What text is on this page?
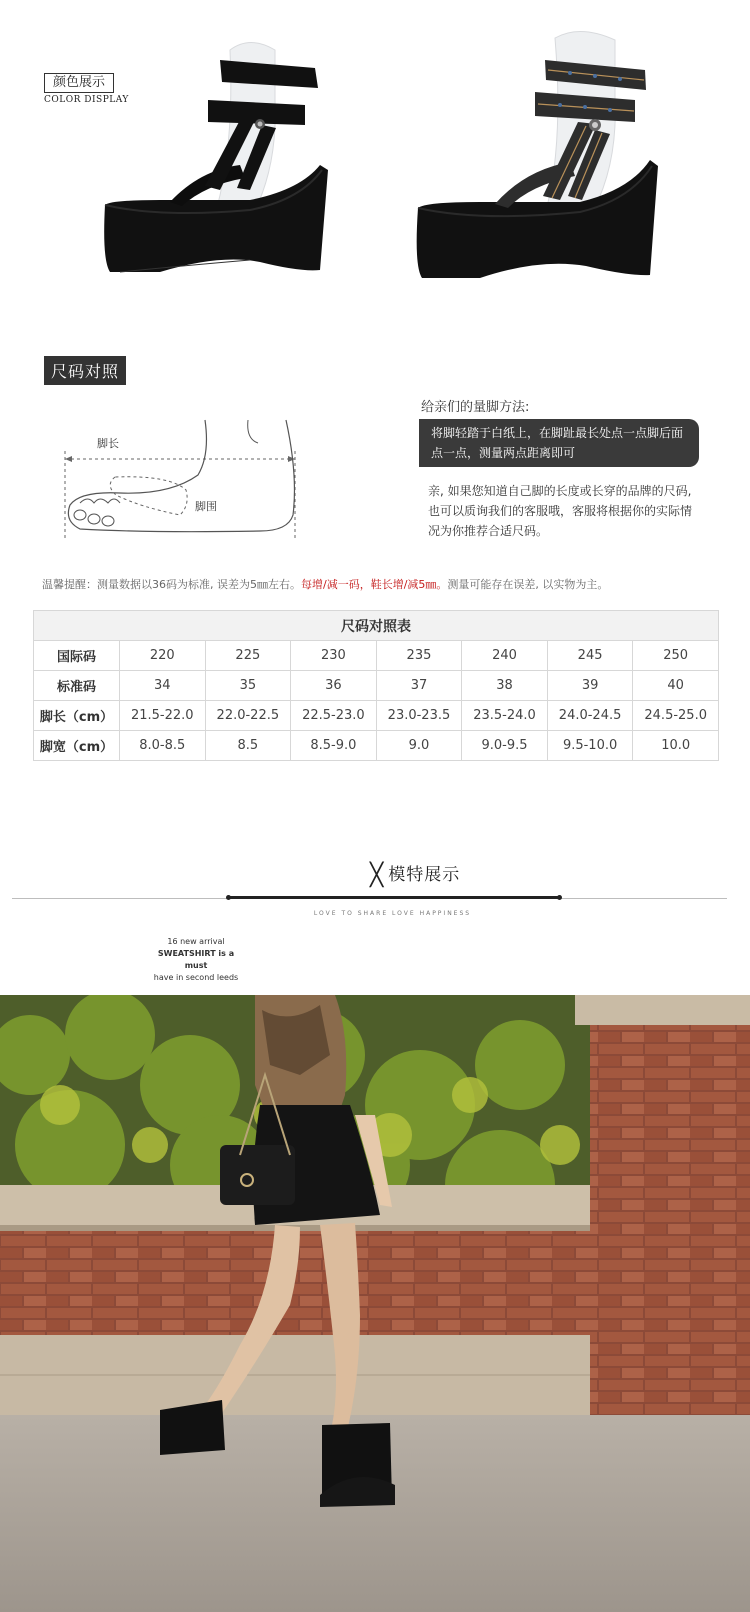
颜色展示
COLOR DISPLAY
尺码对照
脚长
脚围
给亲们的量脚方法:
将脚轻踏于白纸上，在脚趾最长处点一点脚后面点一点，测量两点距离即可
亲, 如果您知道自己脚的长度或长穿的品牌的尺码, 也可以质询我们的客服哦，客服将根据你的实际情况为你推荐合适尺码。
温馨提醒：测量数据以36码为标准, 误差为5㎜左右。每增/减一码，鞋长增/减5㎜。测量可能存在误差, 以实物为主。
尺码对照表							
国际码	220	225	230	235	240	245	250
标准码	34	35	36	37	38	39	40
脚长（cm）	21.5-22.0	22.0-22.5	22.5-23.0	23.0-23.5	23.5-24.0	24.0-24.5	24.5-25.0
脚宽（cm）	8.0-8.5	8.5	8.5-9.0	9.0	9.0-9.5	9.5-10.0	10.0
╳ 模特展示
LOVE TO SHARE LOVE HAPPINESS
16 new arrival
SWEATSHIRT is a must
have in second leeds
